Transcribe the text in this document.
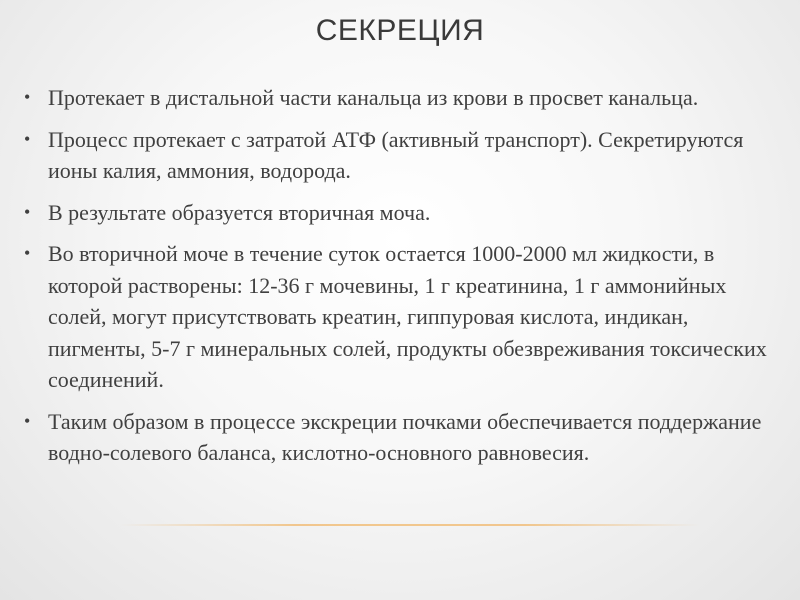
СЕКРЕЦИЯ
• Протекает в дистальной части канальца из крови в просвет канальца.
• Процесс протекает с затратой АТФ (активный транспорт). Секретируются ионы калия, аммония, водорода.
• В результате образуется вторичная моча.
• Во вторичной моче в течение суток остается 1000-2000 мл жидкости, в которой растворены: 12-36 г мочевины, 1 г креатинина, 1 г аммонийных солей, могут присутствовать креатин, гиппуровая кислота, индикан, пигменты, 5-7 г минеральных солей, продукты обезвреживания токсических соединений.
• Таким образом в процессе экскреции почками обеспечивается поддержание водно-солевого баланса, кислотно-основного равновесия.
